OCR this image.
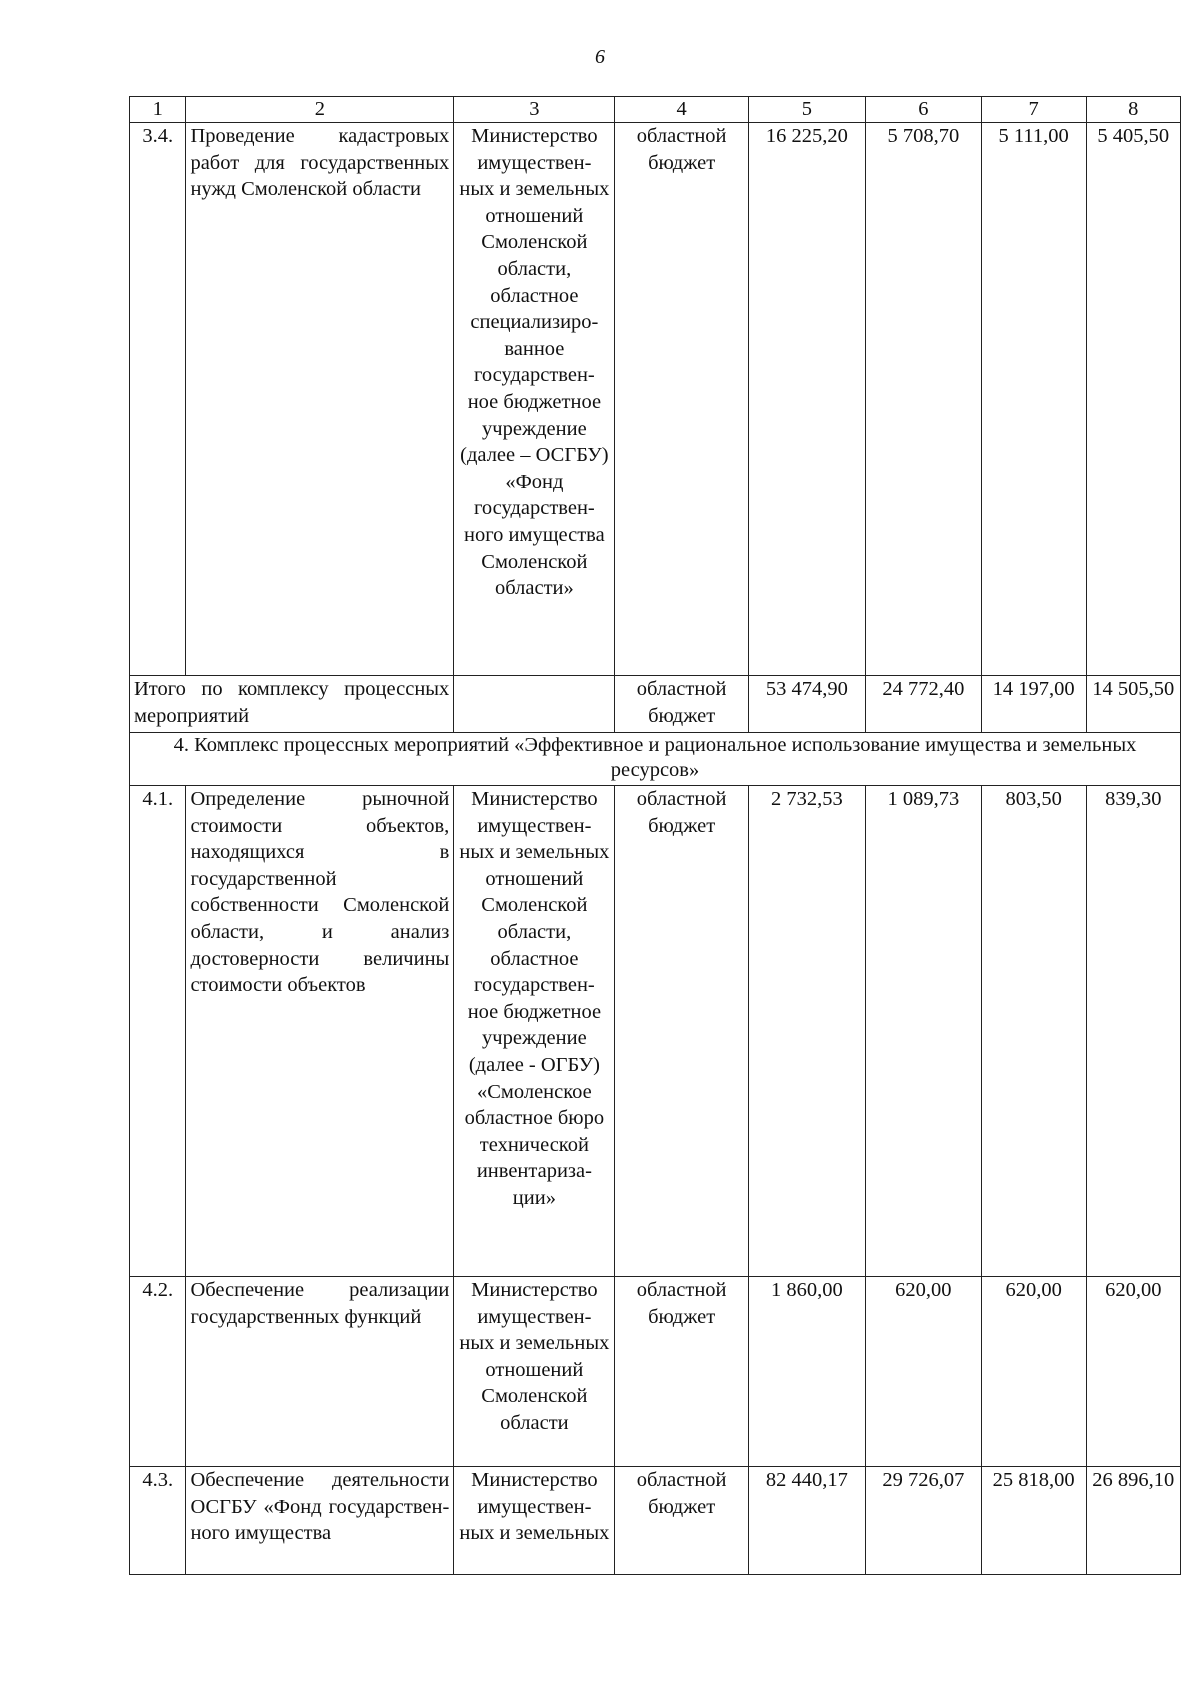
6
1	2	3	4	5	6	7	8
3.4.	Проведение кадастровых работ для государственных нужд Смоленской области	Министерство имуществен- ных и земельных отношений Смоленской области, областное специализиро- ванное государствен- ное бюджетное учреждение (далее – ОСГБУ) «Фонд государствен- ного имущества Смоленской области»	областной бюджет	16 225,20	5 708,70	5 111,00	5 405,50
Итого по комплексу процессных мероприятий			областной бюджет	53 474,90	24 772,40	14 197,00	14 505,50
4. Комплекс процессных мероприятий «Эффективное и рациональное использование имущества и земельных ресурсов»							
4.1.	Определение рыночной стоимости объектов, находящихся в государственной собственности Смоленской области, и анализ достоверности величины стоимости объектов	Министерство имуществен- ных и земельных отношений Смоленской области, областное государствен- ное бюджетное учреждение (далее - ОГБУ) «Смоленское областное бюро технической инвентариза- ции»	областной бюджет	2 732,53	1 089,73	803,50	839,30
4.2.	Обеспечение реализации государственных функций	Министерство имуществен- ных и земельных отношений Смоленской области	областной бюджет	1 860,00	620,00	620,00	620,00
4.3.	Обеспечение деятельности ОСГБУ «Фонд государствен- ного имущества	Министерство имуществен- ных и земельных	областной бюджет	82 440,17	29 726,07	25 818,00	26 896,10
